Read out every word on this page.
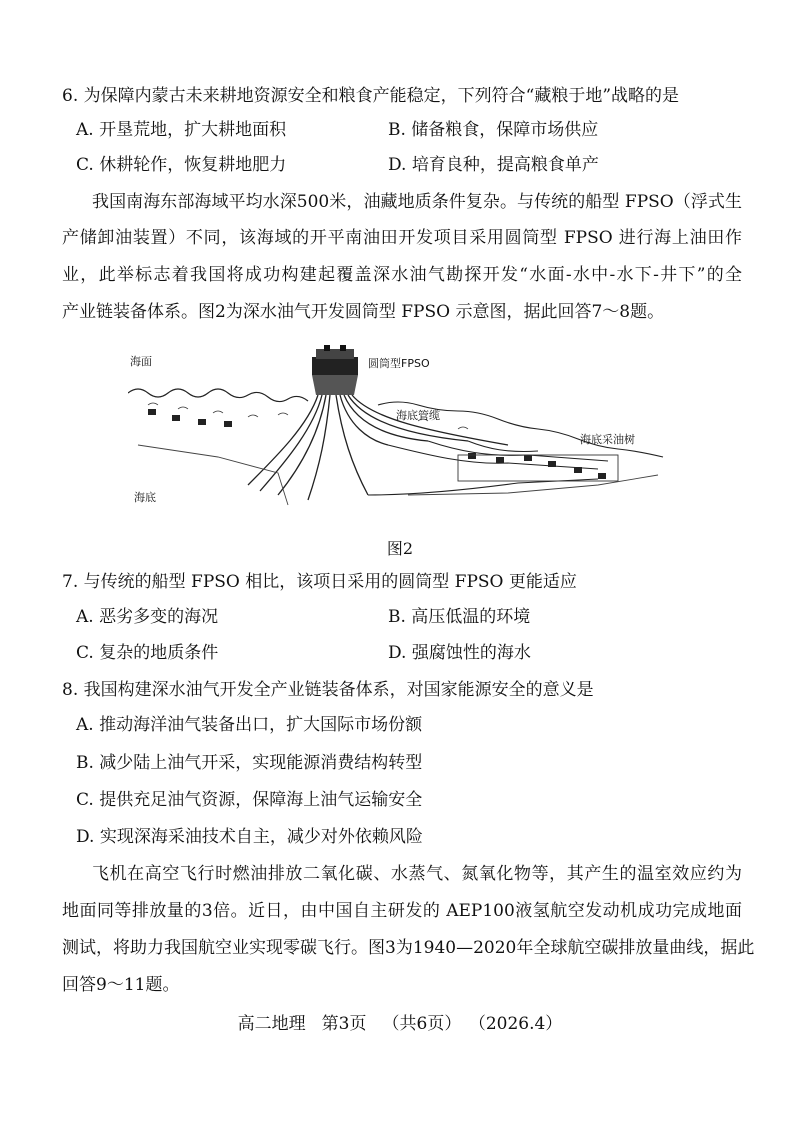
6. 为保障内蒙古未来耕地资源安全和粮食产能稳定，下列符合“藏粮于地”战略的是
A. 开垦荒地，扩大耕地面积	B. 储备粮食，保障市场供应
C. 休耕轮作，恢复耕地肥力	D. 培育良种，提高粮食单产
我国南海东部海域平均水深500米，油藏地质条件复杂。与传统的船型 FPSO（浮式生
产储卸油装置）不同，该海域的开平南油田开发项目采用圆筒型 FPSO 进行海上油田作
业，此举标志着我国将成功构建起覆盖深水油气勘探开发“水面-水中-水下-井下”的全
产业链装备体系。图2为深水油气开发圆筒型 FPSO 示意图，据此回答7～8题。
海面	圆筒型FPSO
海底管缆
海底采油树
海底
图2
7. 与传统的船型 FPSO 相比，该项日采用的圆筒型 FPSO 更能适应
A. 恶劣多变的海况	B. 高压低温的环境
C. 复杂的地质条件	D. 强腐蚀性的海水
8. 我国构建深水油气开发全产业链装备体系，对国家能源安全的意义是
A. 推动海洋油气装备出口，扩大国际市场份额
B. 减少陆上油气开采，实现能源消费结构转型
C. 提供充足油气资源，保障海上油气运输安全
D. 实现深海采油技术自主，减少对外依赖风险
飞机在高空飞行时燃油排放二氧化碳、水蒸气、氮氧化物等，其产生的温室效应约为
地面同等排放量的3倍。近日，由中国自主研发的 AEP100液氢航空发动机成功完成地面
测试，将助力我国航空业实现零碳飞行。图3为1940—2020年全球航空碳排放量曲线，据此
回答9～11题。
高二地理 第3页 （共6页） （2026.4）
